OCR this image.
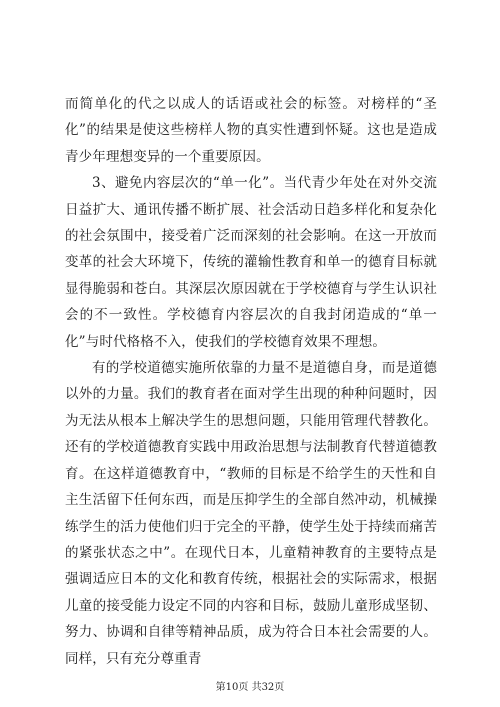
而简单化的代之以成人的话语或社会的标签。对榜样的“圣化”的结果是使这些榜样人物的真实性遭到怀疑。这也是造成青少年理想变异的一个重要原因。

3、避免内容层次的“单一化”。当代青少年处在对外交流日益扩大、通讯传播不断扩展、社会活动日趋多样化和复杂化的社会氛围中，接受着广泛而深刻的社会影响。在这一开放而变革的社会大环境下，传统的灌输性教育和单一的德育目标就显得脆弱和苍白。其深层次原因就在于学校德育与学生认识社会的不一致性。学校德育内容层次的自我封闭造成的“单一化”与时代格格不入，使我们的学校德育效果不理想。

有的学校道德实施所依靠的力量不是道德自身，而是道德以外的力量。我们的教育者在面对学生出现的种种问题时，因为无法从根本上解决学生的思想问题，只能用管理代替教化。还有的学校道德教育实践中用政治思想与法制教育代替道德教育。在这样道德教育中，“教师的目标是不给学生的天性和自主生活留下任何东西，而是压抑学生的全部自然冲动，机械操练学生的活力使他们归于完全的平静，使学生处于持续而痛苦的紧张状态之中”。在现代日本，儿童精神教育的主要特点是强调适应日本的文化和教育传统，根据社会的实际需求，根据儿童的接受能力设定不同的内容和目标，鼓励儿童形成坚韧、努力、协调和自律等精神品质，成为符合日本社会需要的人。同样，只有充分尊重青

第10页 共32页
